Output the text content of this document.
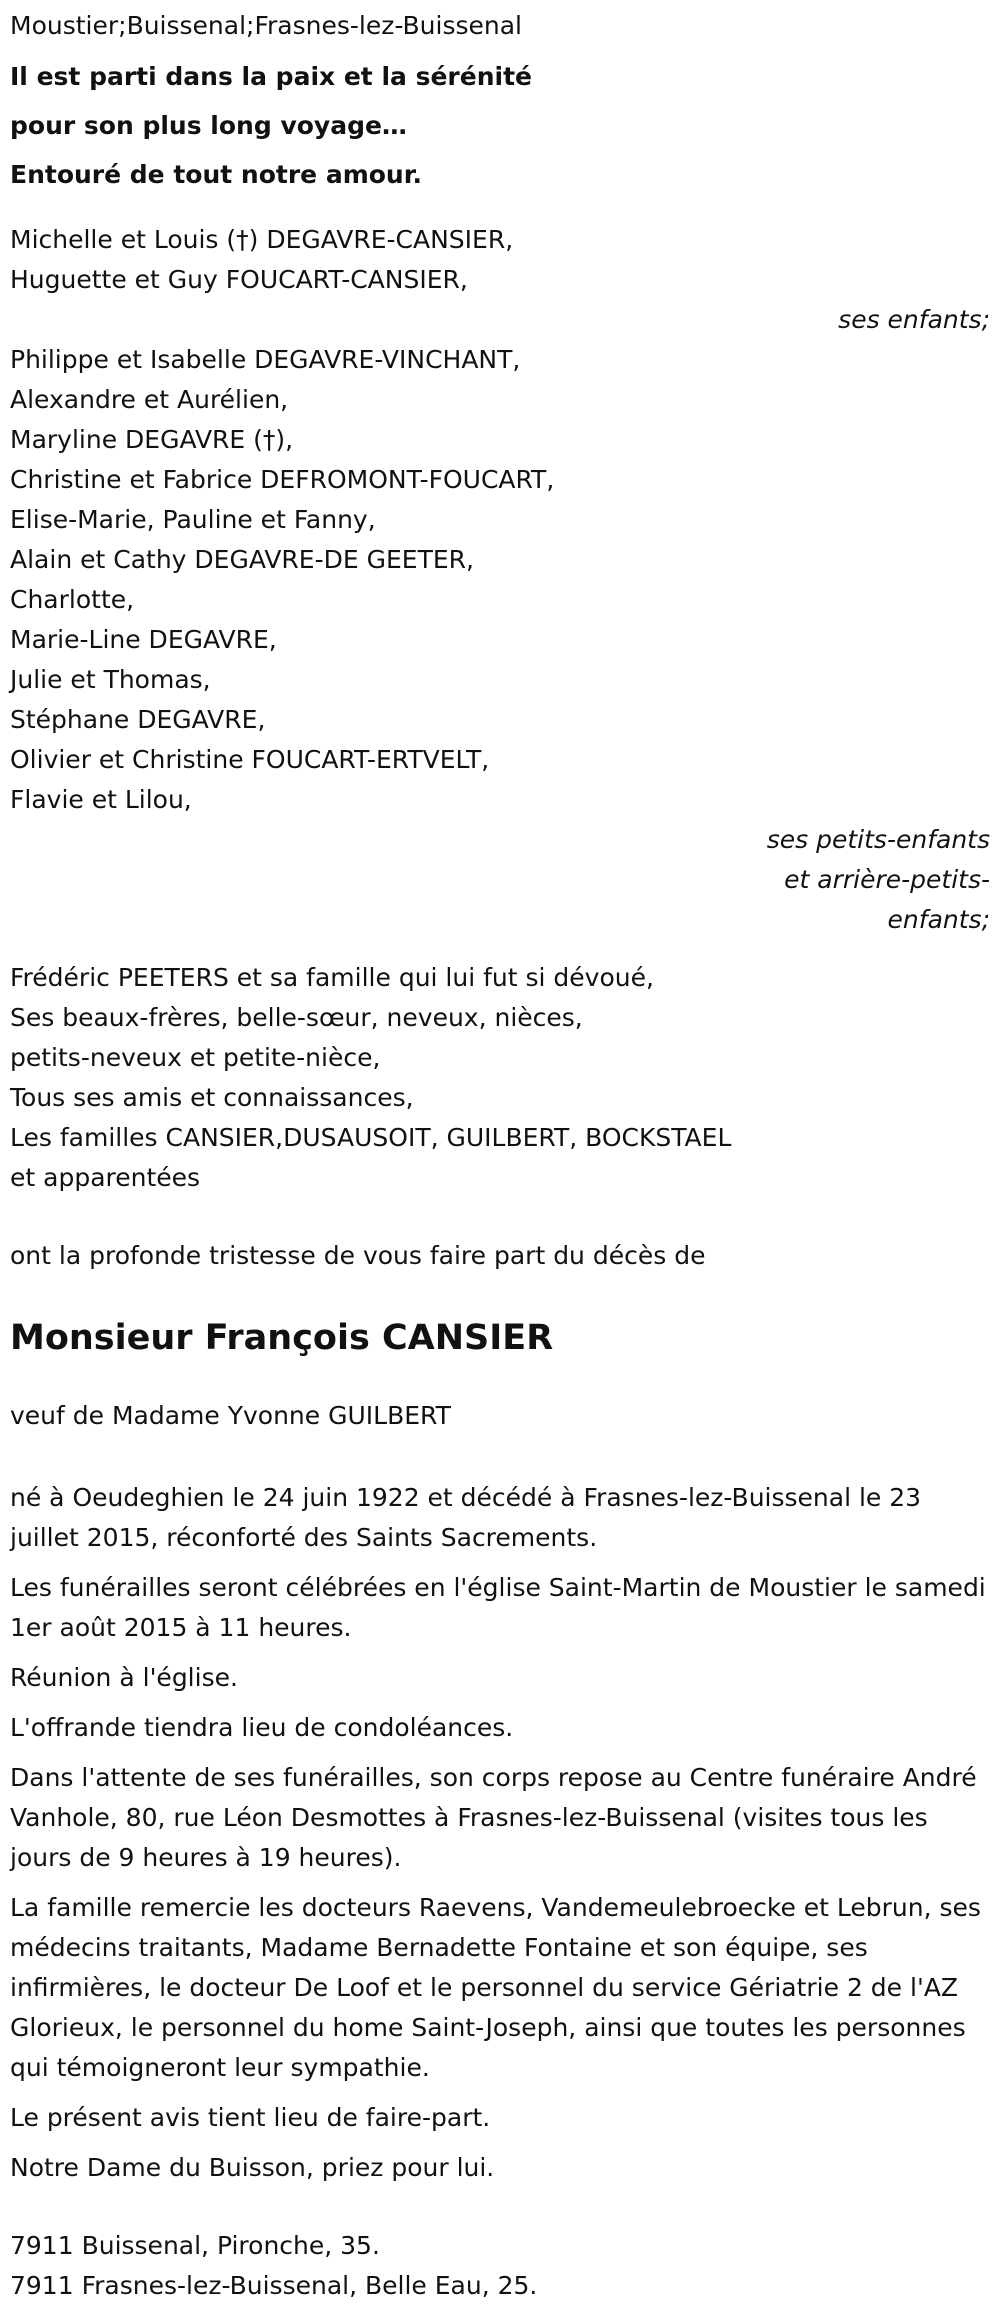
Moustier;Buissenal;Frasnes-lez-Buissenal

Il est parti dans la paix et la sérénité

pour son plus long voyage…

Entouré de tout notre amour.

Michelle et Louis (†) DEGAVRE-CANSIER,

Huguette et Guy FOUCART-CANSIER,

ses enfants;

Philippe et Isabelle DEGAVRE-VINCHANT,

Alexandre et Aurélien,

Maryline DEGAVRE (†),

Christine et Fabrice DEFROMONT-FOUCART,

Elise-Marie, Pauline et Fanny,

Alain et Cathy DEGAVRE-DE GEETER,

Charlotte,

Marie-Line DEGAVRE,

Julie et Thomas,

Stéphane DEGAVRE,

Olivier et Christine FOUCART-ERTVELT,

Flavie et Lilou,

ses petits-enfants

et arrière-petits-

enfants;

Frédéric PEETERS et sa famille qui lui fut si dévoué,

Ses beaux-frères, belle-sœur, neveux, nièces,

petits-neveux et petite-nièce,

Tous ses amis et connaissances,

Les familles CANSIER,DUSAUSOIT, GUILBERT, BOCKSTAEL

et apparentées

ont la profonde tristesse de vous faire part du décès de

Monsieur François CANSIER

veuf de Madame Yvonne GUILBERT

né à Oeudeghien le 24 juin 1922 et décédé à Frasnes-lez-Buissenal le 23 juillet 2015, réconforté des Saints Sacrements.

Les funérailles seront célébrées en l'église Saint-Martin de Moustier le samedi 1er août 2015 à 11 heures.

Réunion à l'église.

L'offrande tiendra lieu de condoléances.

Dans l'attente de ses funérailles, son corps repose au Centre funéraire André Vanhole, 80, rue Léon Desmottes à Frasnes-lez-Buissenal (visites tous les jours de 9 heures à 19 heures).

La famille remercie les docteurs Raevens, Vandemeulebroecke et Lebrun, ses médecins traitants, Madame Bernadette Fontaine et son équipe, ses infirmières, le docteur De Loof et le personnel du service Gériatrie 2 de l'AZ Glorieux, le personnel du home Saint-Joseph, ainsi que toutes les personnes qui témoigneront leur sympathie.

Le présent avis tient lieu de faire-part.

Notre Dame du Buisson, priez pour lui.

7911 Buissenal, Pironche, 35.

7911 Frasnes-lez-Buissenal, Belle Eau, 25.
